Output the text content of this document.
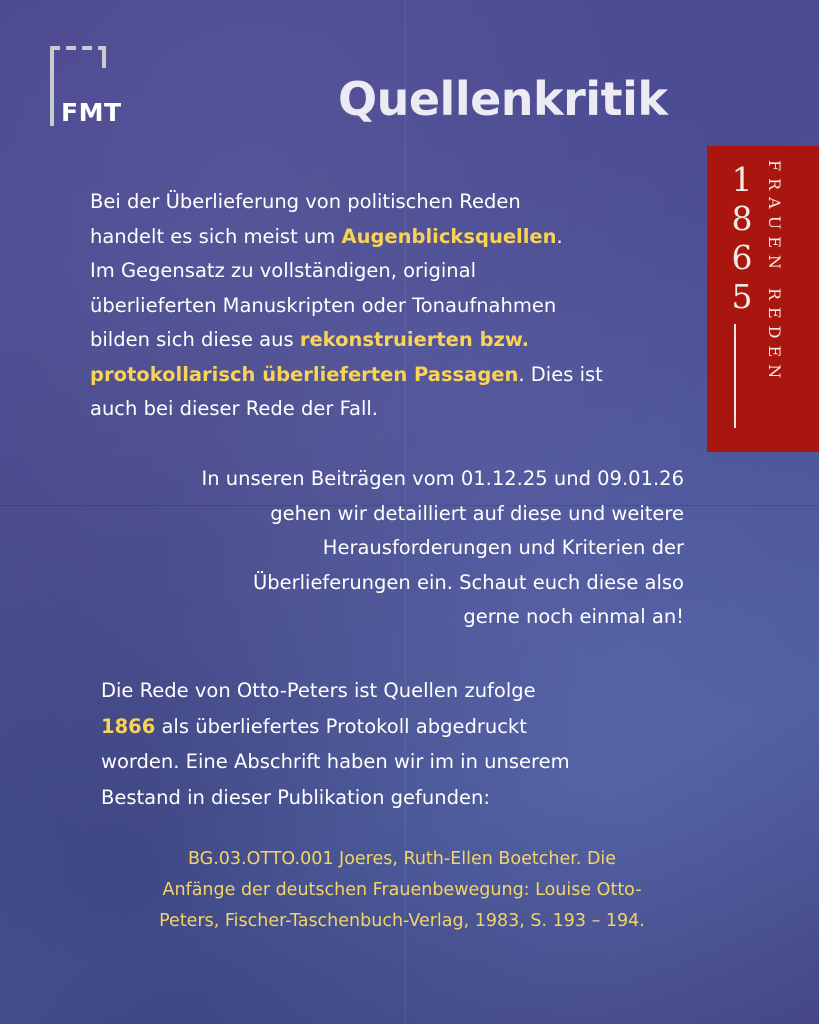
FMT	Quellenkritik
1
8
6
5 FRAUEN REDEN
Bei der Überlieferung von politischen Reden
handelt es sich meist um Augenblicksquellen.
Im Gegensatz zu vollständigen, original
überlieferten Manuskripten oder Tonaufnahmen
bilden sich diese aus rekonstruierten bzw.
protokollarisch überlieferten Passagen. Dies ist
auch bei dieser Rede der Fall.
In unseren Beiträgen vom 01.12.25 und 09.01.26
gehen wir detailliert auf diese und weitere
Herausforderungen und Kriterien der
Überlieferungen ein. Schaut euch diese also
gerne noch einmal an!
Die Rede von Otto-Peters ist Quellen zufolge
1866 als überliefertes Protokoll abgedruckt
worden. Eine Abschrift haben wir im in unserem
Bestand in dieser Publikation gefunden:
BG.03.OTTO.001 Joeres, Ruth-Ellen Boetcher. Die
Anfänge der deutschen Frauenbewegung: Louise Otto-
Peters, Fischer-Taschenbuch-Verlag, 1983, S. 193 – 194.
